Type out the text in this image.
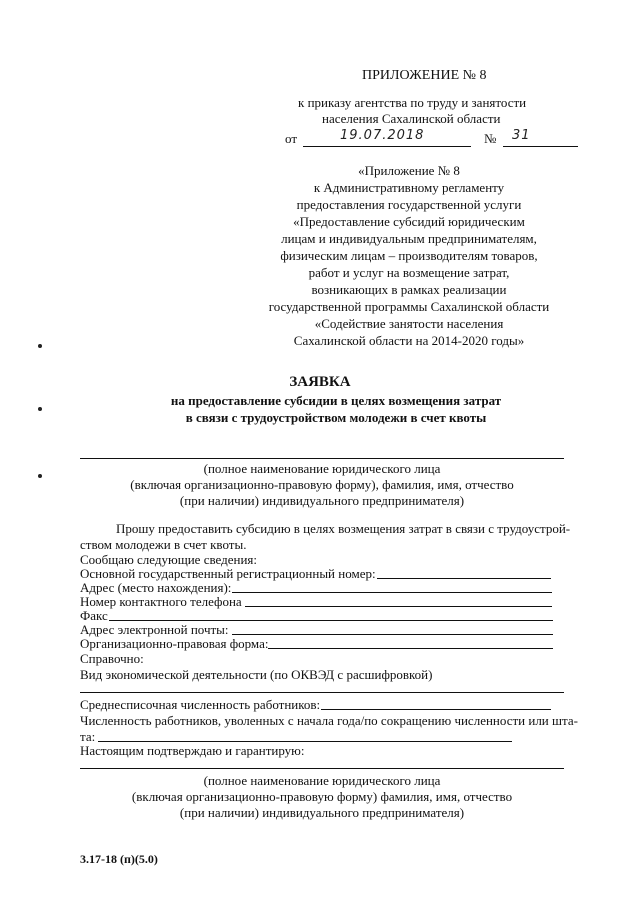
ПРИЛОЖЕНИЕ № 8
к приказу агентства по труду и занятости
населения Сахалинской области
от	19.07.2018	№ 31
«Приложение № 8
к Административному регламенту
предоставления государственной услуги
«Предоставление субсидий юридическим
лицам и индивидуальным предпринимателям,
физическим лицам – производителям товаров,
работ и услуг на возмещение затрат,
возникающих в рамках реализации
государственной программы Сахалинской области
«Содействие занятости населения
Сахалинской области на 2014-2020 годы»
ЗАЯВКА
на предоставление субсидии в целях возмещения затрат
в связи с трудоустройством молодежи в счет квоты
(полное наименование юридического лица
(включая организационно-правовую форму), фамилия, имя, отчество
(при наличии) индивидуального предпринимателя)
Прошу предоставить субсидию в целях возмещения затрат в связи с трудоустрой-
ством молодежи в счет квоты.
Сообщаю следующие сведения:
Основной государственный регистрационный номер:
Адрес (место нахождения):
Номер контактного телефона
Факс
Адрес электронной почты:
Организационно-правовая форма:
Справочно:
Вид экономической деятельности (по ОКВЭД с расшифровкой)
Среднесписочная численность работников:
Численность работников, уволенных с начала года/по сокращению численности или шта-
та:
Настоящим подтверждаю и гарантирую:
(полное наименование юридического лица
(включая организационно-правовую форму) фамилия, имя, отчество
(при наличии) индивидуального предпринимателя)
3.17-18 (п)(5.0)
